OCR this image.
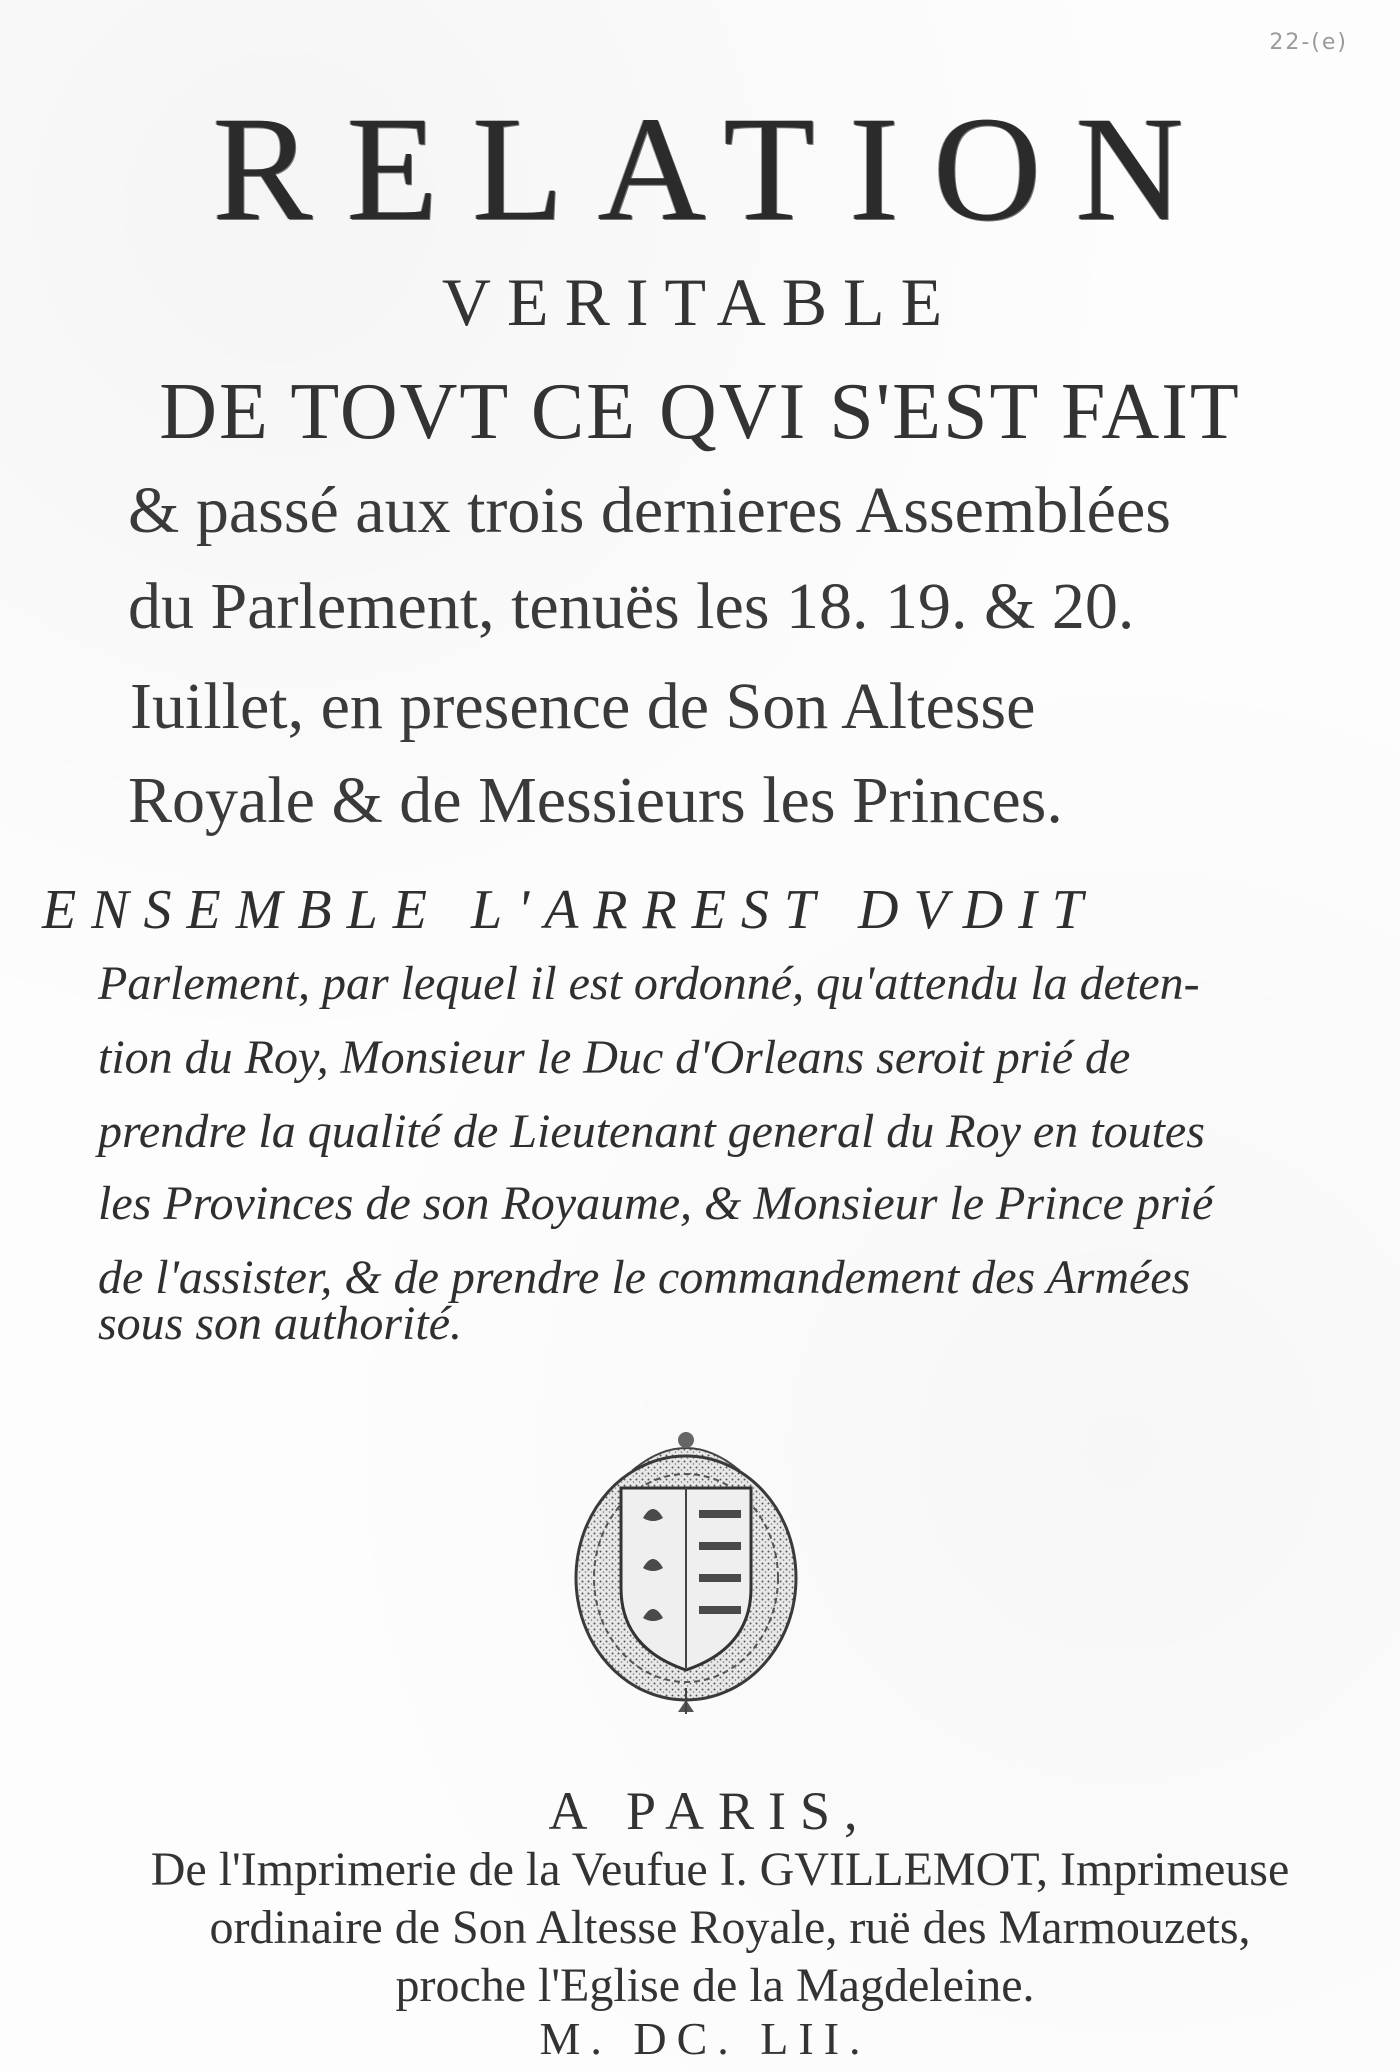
22-(e)
RELATION
VERITABLE
DE TOVT CE QVI S'EST FAIT
& passé aux trois dernieres Assemblées
du Parlement, tenuës les 18. 19. & 20.
Iuillet, en presence de Son Altesse
Royale & de Messieurs les Princes.
ENSEMBLE L'ARREST DVDIT
Parlement, par lequel il est ordonné, qu'attendu la deten-
tion du Roy, Monsieur le Duc d'Orleans seroit prié de
prendre la qualité de Lieutenant general du Roy en toutes
les Provinces de son Royaume, & Monsieur le Prince prié
de l'assister, & de prendre le commandement des Armées
sous son authorité.
A PARIS,
De l'Imprimerie de la Veufue I. GVILLEMOT, Imprimeuse
ordinaire de Son Altesse Royale, ruë des Marmouzets,
proche l'Eglise de la Magdeleine.
M. DC. LII.
